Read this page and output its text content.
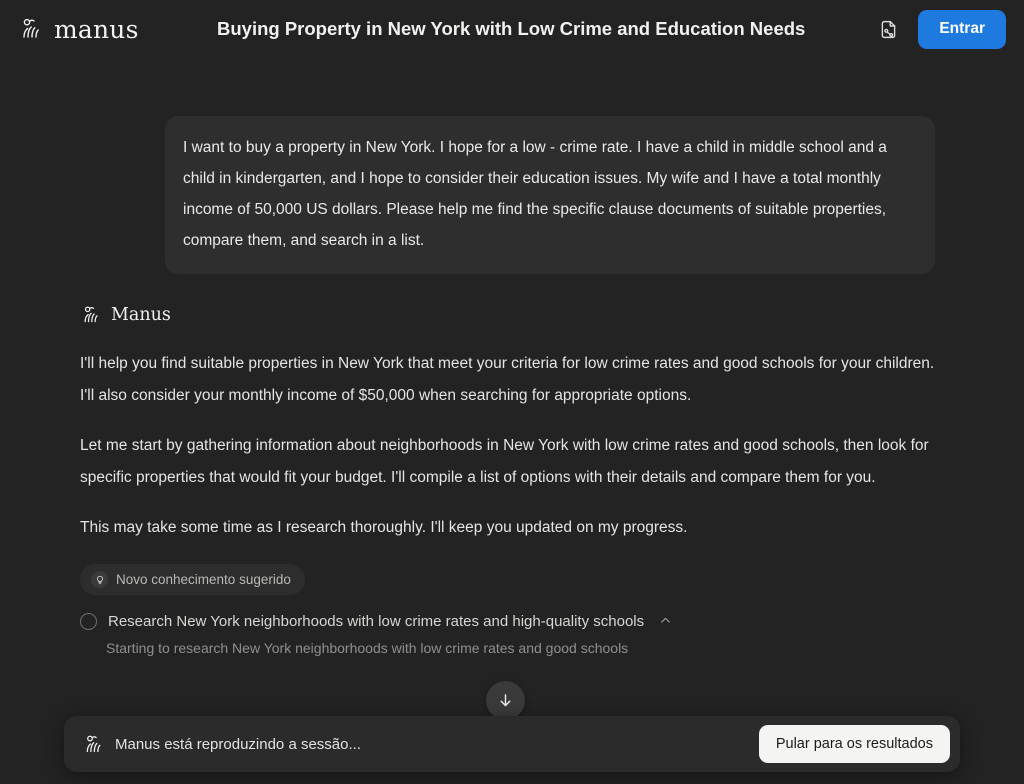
manus	Buying Property in New York with Low Crime and Education Needs	Entrar
I want to buy a property in New York. I hope for a low - crime rate. I have a child in middle school and a child in kindergarten, and I hope to consider their education issues. My wife and I have a total monthly income of 50,000 US dollars. Please help me find the specific clause documents of suitable properties, compare them, and search in a list.
Manus

I'll help you find suitable properties in New York that meet your criteria for low crime rates and good schools for your children. I'll also consider your monthly income of $50,000 when searching for appropriate options.

Let me start by gathering information about neighborhoods in New York with low crime rates and good schools, then look for specific properties that would fit your budget. I'll compile a list of options with their details and compare them for you.

This may take some time as I research thoroughly. I'll keep you updated on my progress.

Novo conhecimento sugerido
Research New York neighborhoods with low crime rates and high-quality schools
Starting to research New York neighborhoods with low crime rates and good schools
Manus está reproduzindo a sessão...	Pular para os resultados
